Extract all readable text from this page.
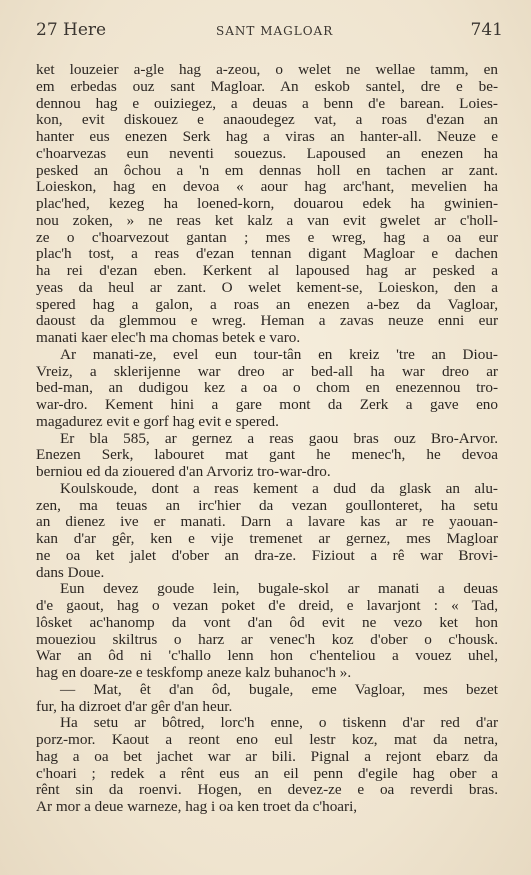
27 Here	SANT MAGLOAR	741
ket louzeier a-gle hag a-zeou, o welet ne wellae tamm, en
em erbedas ouz sant Magloar. An eskob santel, dre e be-
dennou hag e ouiziegez, a deuas a benn d'e barean. Loies-
kon, evit diskouez e anaoudegez vat, a roas d'ezan an
hanter eus enezen Serk hag a viras an hanter-all. Neuze e
c'hoarvezas eun neventi souezus. Lapoused an enezen ha
pesked an ôchou a 'n em dennas holl en tachen ar zant.
Loieskon, hag en devoa « aour hag arc'hant, mevelien ha
plac'hed, kezeg ha loened-korn, douarou edek ha gwinien-
nou zoken, » ne reas ket kalz a van evit gwelet ar c'holl-
ze o c'hoarvezout gantan ; mes e wreg, hag a oa eur
plac'h tost, a reas d'ezan tennan digant Magloar e dachen
ha rei d'ezan eben. Kerkent al lapoused hag ar pesked a
yeas da heul ar zant. O welet kement-se, Loieskon, den a
spered hag a galon, a roas an enezen a-bez da Vagloar,
daoust da glemmou e wreg. Heman a zavas neuze enni eur
manati kaer elec'h ma chomas betek e varo.
Ar manati-ze, evel eun tour-tân en kreiz 'tre an Diou-
Vreiz, a sklerijenne war dreo ar bed-all ha war dreo ar
bed-man, an dudigou kez a oa o chom en enezennou tro-
war-dro. Kement hini a gare mont da Zerk a gave eno
magadurez evit e gorf hag evit e spered.
Er bla 585, ar gernez a reas gaou bras ouz Bro-Arvor.
Enezen Serk, labouret mat gant he menec'h, he devoa
berniou ed da ziouered d'an Arvoriz tro-war-dro.
Koulskoude, dont a reas kement a dud da glask an alu-
zen, ma teuas an irc'hier da vezan goullonteret, ha setu
an dienez ive er manati. Darn a lavare kas ar re yaouan-
kan d'ar gêr, ken e vije tremenet ar gernez, mes Magloar
ne oa ket jalet d'ober an dra-ze. Fiziout a rê war Brovi-
dans Doue.
Eun devez goude lein, bugale-skol ar manati a deuas
d'e gaout, hag o vezan poket d'e dreid, e lavarjont : « Tad,
lôsket ac'hanomp da vont d'an ôd evit ne vezo ket hon
moueziou skiltrus o harz ar venec'h koz d'ober o c'housk.
War an ôd ni 'c'hallo lenn hon c'henteliou a vouez uhel,
hag en doare-ze e teskfomp aneze kalz buhanoc'h ».
— Mat, êt d'an ôd, bugale, eme Vagloar, mes bezet
fur, ha dizroet d'ar gêr d'an heur.
Ha setu ar bôtred, lorc'h enne, o tiskenn d'ar red d'ar
porz-mor. Kaout a reont eno eul lestr koz, mat da netra,
hag a oa bet jachet war ar bili. Pignal a rejont ebarz da
c'hoari ; redek a rênt eus an eil penn d'egile hag ober a
rênt sin da roenvi. Hogen, en devez-ze e oa reverdi bras.
Ar mor a deue warneze, hag i oa ken troet da c'hoari,
